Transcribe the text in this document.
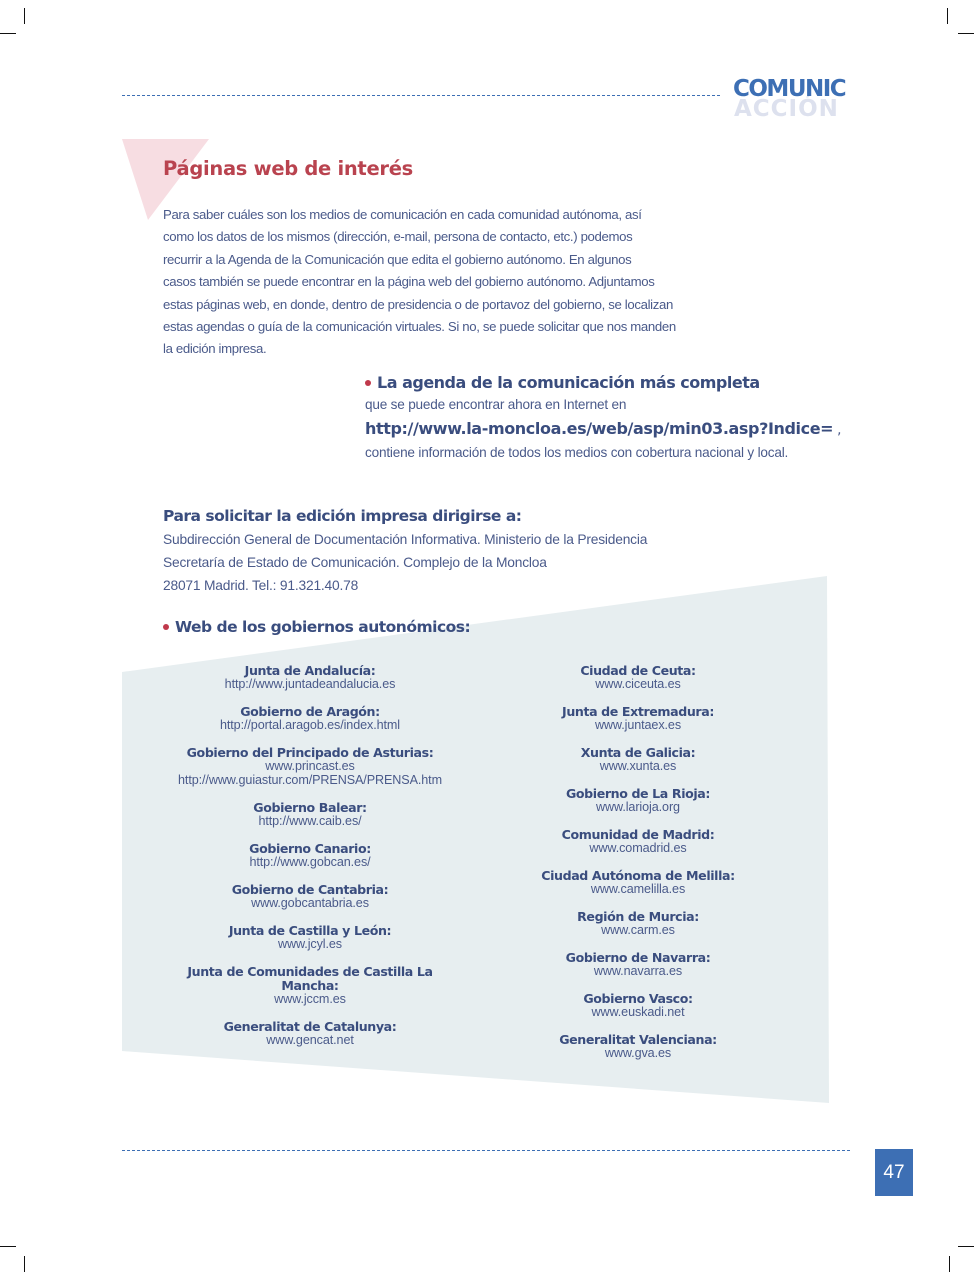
ACCIÓN
COMUNIC
Páginas web de interés

Para saber cuáles son los medios de comunicación en cada comunidad autónoma, así

como los datos de los mismos (dirección, e-mail, persona de contacto, etc.) podemos

recurrir a la Agenda de la Comunicación que edita el gobierno autónomo. En algunos

casos también se puede encontrar en la página web del gobierno autónomo. Adjuntamos

estas páginas web, en donde, dentro de presidencia o de portavoz del gobierno, se localizan

estas agendas o guía de la comunicación virtuales. Si no, se puede solicitar que nos manden

la edición impresa.

La agenda de la comunicación más completa
que se puede encontrar ahora en Internet en
http://www.la-moncloa.es/web/asp/min03.asp?Indice= ,
contiene información de todos los medios con cobertura nacional y local.
Para solicitar la edición impresa dirigirse a:
Subdirección General de Documentación Informativa. Ministerio de la Presidencia
Secretaría de Estado de Comunicación. Complejo de la Moncloa
28071 Madrid. Tel.: 91.321.40.78
Web de los gobiernos autonómicos:
Junta de Andalucía:
http://www.juntadeandalucia.es
Gobierno de Aragón:
http://portal.aragob.es/index.html
Gobierno del Principado de Asturias:
www.princast.es
http://www.guiastur.com/PRENSA/PRENSA.htm
Gobierno Balear:
http://www.caib.es/
Gobierno Canario:
http://www.gobcan.es/
Gobierno de Cantabria:
www.gobcantabria.es
Junta de Castilla y León:
www.jcyl.es
Junta de Comunidades de Castilla La Mancha:
www.jccm.es
Generalitat de Catalunya:
www.gencat.net
Ciudad de Ceuta:
www.ciceuta.es
Junta de Extremadura:
www.juntaex.es
Xunta de Galicia:
www.xunta.es
Gobierno de La Rioja:
www.larioja.org
Comunidad de Madrid:
www.comadrid.es
Ciudad Autónoma de Melilla:
www.camelilla.es
Región de Murcia:
www.carm.es
Gobierno de Navarra:
www.navarra.es
Gobierno Vasco:
www.euskadi.net
Generalitat Valenciana:
www.gva.es
47
